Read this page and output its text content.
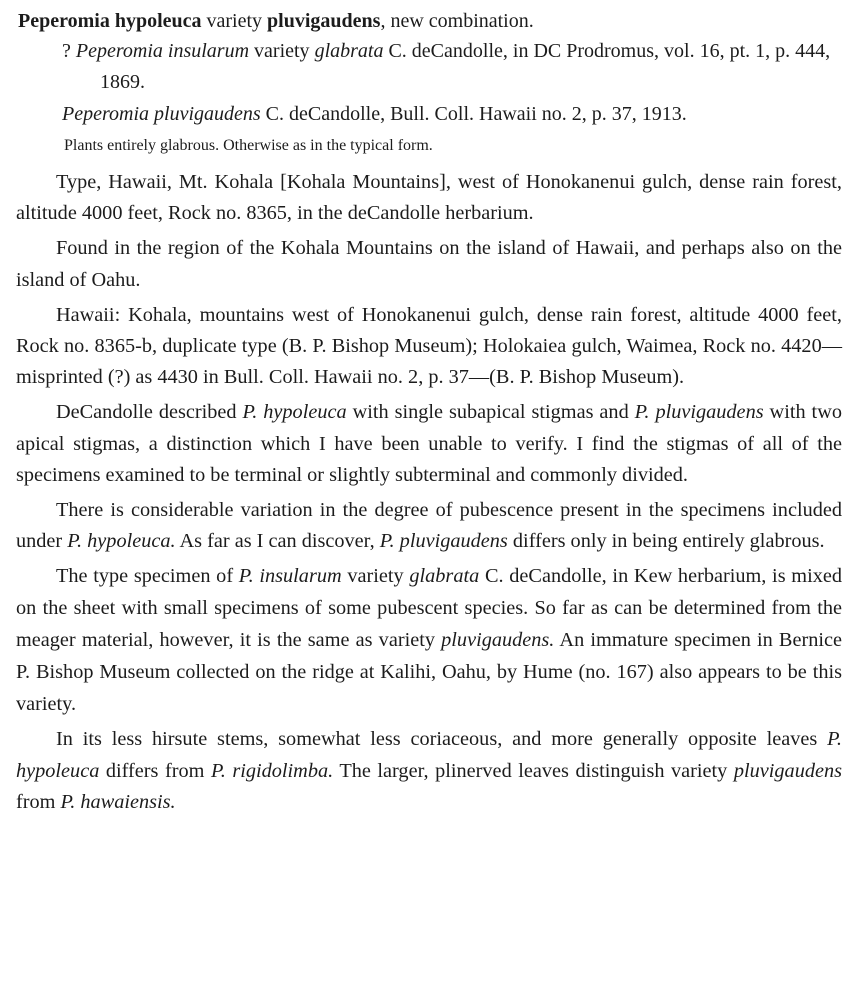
Peperomia hypoleuca variety pluvigaudens, new combination.

? Peperomia insularum variety glabrata C. deCandolle, in DC Prodromus, vol. 16, pt. 1, p. 444, 1869.

Peperomia pluvigaudens C. deCandolle, Bull. Coll. Hawaii no. 2, p. 37, 1913.

Plants entirely glabrous. Otherwise as in the typical form.

Type, Hawaii, Mt. Kohala [Kohala Mountains], west of Honokanenui gulch, dense rain forest, altitude 4000 feet, Rock no. 8365, in the deCandolle herbarium.

Found in the region of the Kohala Mountains on the island of Hawaii, and perhaps also on the island of Oahu.

Hawaii: Kohala, mountains west of Honokanenui gulch, dense rain forest, altitude 4000 feet, Rock no. 8365-b, duplicate type (B. P. Bishop Museum); Holokaiea gulch, Waimea, Rock no. 4420—misprinted (?) as 4430 in Bull. Coll. Hawaii no. 2, p. 37—(B. P. Bishop Museum).

DeCandolle described P. hypoleuca with single subapical stigmas and P. pluvigaudens with two apical stigmas, a distinction which I have been unable to verify. I find the stigmas of all of the specimens examined to be terminal or slightly subterminal and commonly divided.

There is considerable variation in the degree of pubescence present in the specimens included under P. hypoleuca. As far as I can discover, P. pluvigaudens differs only in being entirely glabrous.

The type specimen of P. insularum variety glabrata C. deCandolle, in Kew herbarium, is mixed on the sheet with small specimens of some pubescent species. So far as can be determined from the meager material, however, it is the same as variety pluvigaudens. An immature specimen in Bernice P. Bishop Museum collected on the ridge at Kalihi, Oahu, by Hume (no. 167) also appears to be this variety.

In its less hirsute stems, somewhat less coriaceous, and more generally opposite leaves P. hypoleuca differs from P. rigidolimba. The larger, plinerved leaves distinguish variety pluvigaudens from P. hawaiensis.
